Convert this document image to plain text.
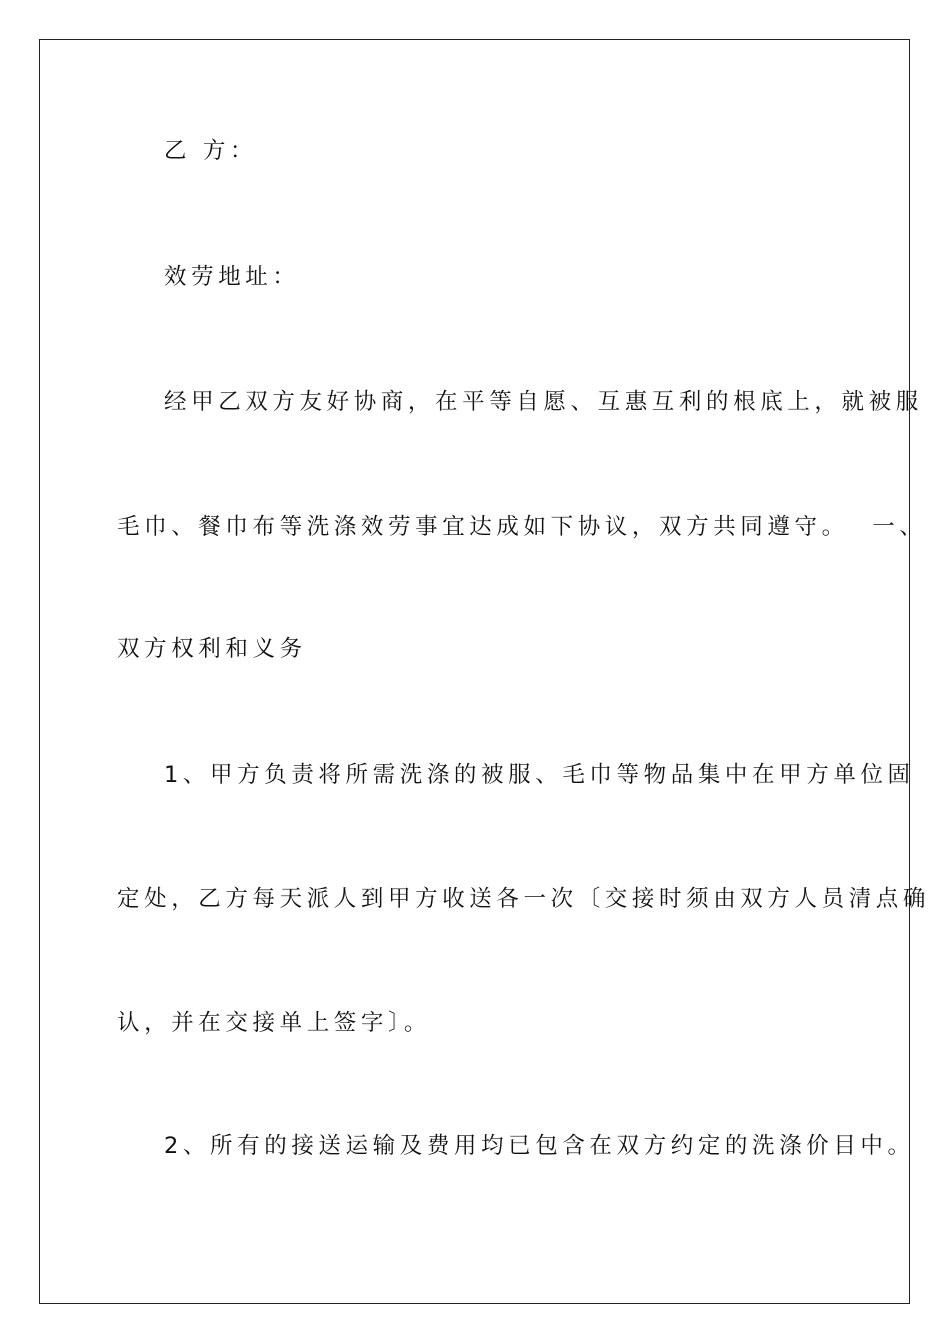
乙 方：
效劳地址：
经甲乙双方友好协商，在平等自愿、互惠互利的根底上，就被服
毛巾、餐巾布等洗涤效劳事宜达成如下协议，双方共同遵守。  一、
双方权利和义务
1、甲方负责将所需洗涤的被服、毛巾等物品集中在甲方单位固
定处，乙方每天派人到甲方收送各一次〔交接时须由双方人员清点确
认，并在交接单上签字〕。
2、所有的接送运输及费用均已包含在双方约定的洗涤价目中。
